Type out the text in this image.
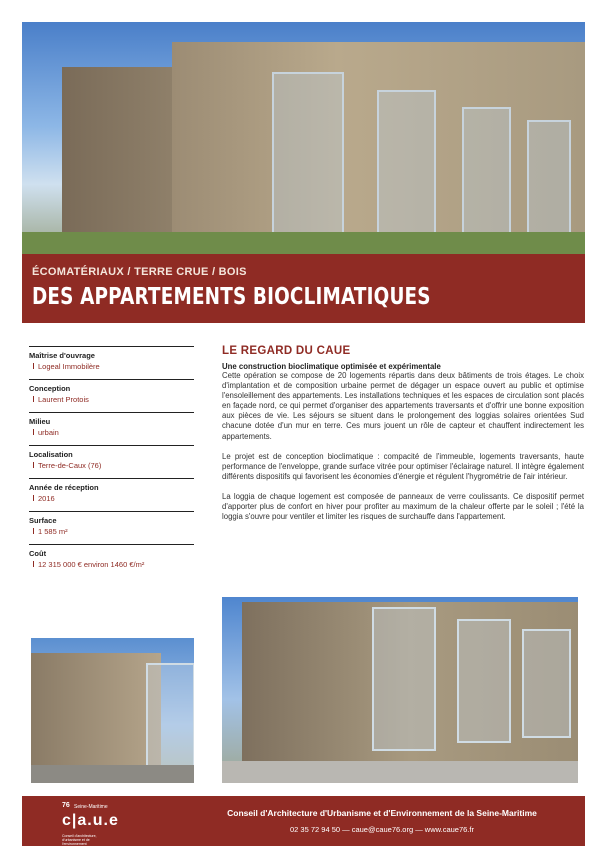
ÉCOMATÉRIAUX / TERRE CRUE / BOIS
DES APPARTEMENTS BIOCLIMATIQUES
Maîtrise d'ouvrage
Logeal Immobilère
Conception
Laurent Protois
Milieu
urbain
Localisation
Terre-de-Caux (76)
Année de réception
2016
Surface
1 585 m²
Coût
12 315 000 € environ 1460 €/m²
LE REGARD DU CAUE
Une construction bioclimatique optimisée et expérimentale

Cette opération se compose de 20 logements répartis dans deux bâtiments de trois étages. Le choix d'implantation et de composition urbaine permet de dégager un espace ouvert au public et optimise l'ensoleillement des appartements. Les installations techniques et les espaces de circulation sont placés en façade nord, ce qui permet d'organiser des appartements traversants et d'offrir une bonne exposition aux pièces de vie. Les séjours se situent dans le prolongement des loggias solaires orientées Sud chacune dotée d'un mur en terre. Ces murs jouent un rôle de capteur et chauffent indirectement les appartements.

Le projet est de conception bioclimatique : compacité de l'immeuble, logements traversants, haute performance de l'enveloppe, grande surface vitrée pour optimiser l'éclairage naturel. Il intègre également différents dispositifs qui favorisent les économies d'énergie et régulent l'hygrométrie de l'air intérieur.

La loggia de chaque logement est composée de panneaux de verre coulissants. Ce dispositif permet d'apporter plus de confort en hiver pour profiter au maximum de la chaleur offerte par le soleil ; l'été la loggia s'ouvre pour ventiler et limiter les risques de surchauffe dans l'appartement.

76 Seine-Maritime
c|a.u.e
Conseil d'architecture, d'urbanisme et de l'environnement
Conseil d'Architecture d'Urbanisme et d'Environnement de la Seine-Maritime
02 35 72 94 50 — caue@caue76.org — www.caue76.fr
